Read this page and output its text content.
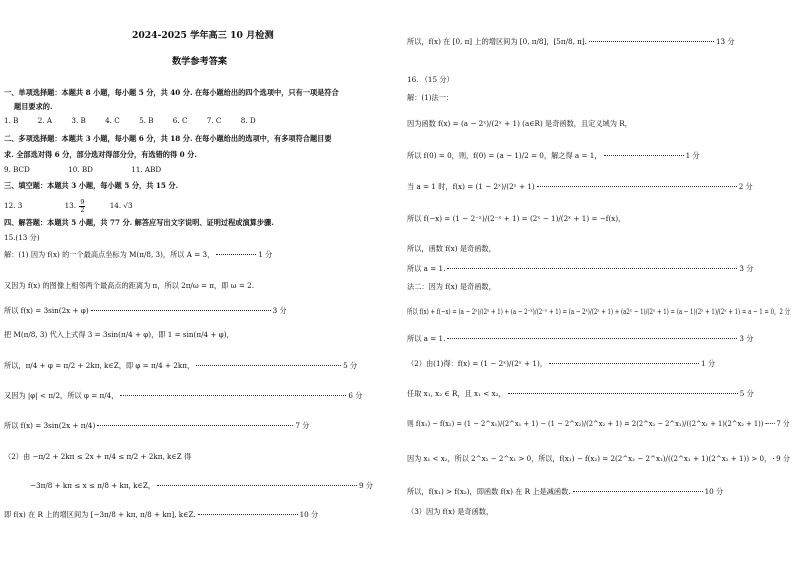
2024-2025 学年高三 10 月检测
数学参考答案
一、单项选择题：本题共 8 小题，每小题 5 分，共 40 分. 在每小题给出的四个选项中，只有一项是符合
题目要求的.
1. B	2. A	3. B	4. C	5. B	6. C	7. C	8. D
二、多项选择题：本题共 3 小题，每小题 6 分，共 18 分. 在每小题给出的选项中，有多项符合题目要
求. 全部选对得 6 分，部分选对得部分分，有选错的得 0 分.
9. BCD	10. BD	11. ABD
三、填空题：本题共 3 小题，每小题 5 分，共 15 分.
12. 3	13. $\frac{9}{2}$	14. √3
四、解答题：本题共 5 小题，共 77 分. 解答应写出文字说明、证明过程或演算步骤.
15.(13 分)
解：(1) 因为 f(x) 的一个最高点坐标为 M(π/8, 3)，所以 A = 3，	1 分
又因为 f(x) 的图像上相邻两个最高点的距离为 π，所以 2π/ω = π，即 ω = 2.
所以 f(x) = 3sin(2x + φ)	3 分
把 M(π/8, 3) 代入上式得 3 = 3sin(π/4 + φ)，即 1 = sin(π/4 + φ)，
所以，π/4 + φ = π/2 + 2kπ, k∈Z，即 φ = π/4 + 2kπ，	5 分
又因为 |φ| < π/2，所以 φ = π/4，	6 分
所以 f(x) = 3sin(2x + π/4)	7 分
（2）由 −π/2 + 2kπ ≤ 2x + π/4 ≤ π/2 + 2kπ, k∈Z 得
−3π/8 + kπ ≤ x ≤ π/8 + kπ, k∈Z，	9 分
即 f(x) 在 R 上的增区间为 [−3π/8 + kπ, π/8 + kπ], k∈Z.	10 分
所以，f(x) 在 [0, π] 上的增区间为 [0, π/8]，[5π/8, π].	13 分
16. （15 分）
解：(1)法一：
因为函数 f(x) = (a − 2ˣ)/(2ˣ + 1) (a∈R) 是奇函数，且定义域为 R，
所以 f(0) = 0，则，f(0) = (a − 1)/2 = 0，解之得 a = 1，	1 分
当 a = 1 时，f(x) = (1 − 2ˣ)/(2ˣ + 1)	2 分
所以 f(−x) = (1 − 2⁻ˣ)/(2⁻ˣ + 1) = (2ˣ − 1)/(2ˣ + 1) = −f(x)，
所以，函数 f(x) 是奇函数，
所以 a = 1.	3 分
法二：因为 f(x) 是奇函数，
所以 f(x) + f(−x) = (a − 2ˣ)/(2ˣ + 1) + (a − 2⁻ˣ)/(2⁻ˣ + 1) = (a − 2ˣ)/(2ˣ + 1) + (a2ˣ − 1)/(2ˣ + 1) = (a − 1)(2ˣ + 1)/(2ˣ + 1) = a − 1 = 0，2 分
所以 a = 1.	3 分
（2）由(1)得：f(x) = (1 − 2ˣ)/(2ˣ + 1)，	1 分
任取 x₁, x₂ ∈ R，且 x₁ < x₂，	5 分
则 f(x₁) − f(x₂) = (1 − 2^x₁)/(2^x₁ + 1) − (1 − 2^x₂)/(2^x₂ + 1) = 2(2^x₂ − 2^x₁)/((2^x₁ + 1)(2^x₂ + 1)) 7 分
因为 x₁ < x₂，所以 2^x₂ − 2^x₁ > 0，所以，f(x₁) − f(x₂) = 2(2^x₂ − 2^x₁)/((2^x₁ + 1)(2^x₂ + 1)) > 0， 9 分
所以，f(x₁) > f(x₂)，即函数 f(x) 在 R 上是减函数.	10 分
（3）因为 f(x) 是奇函数，
